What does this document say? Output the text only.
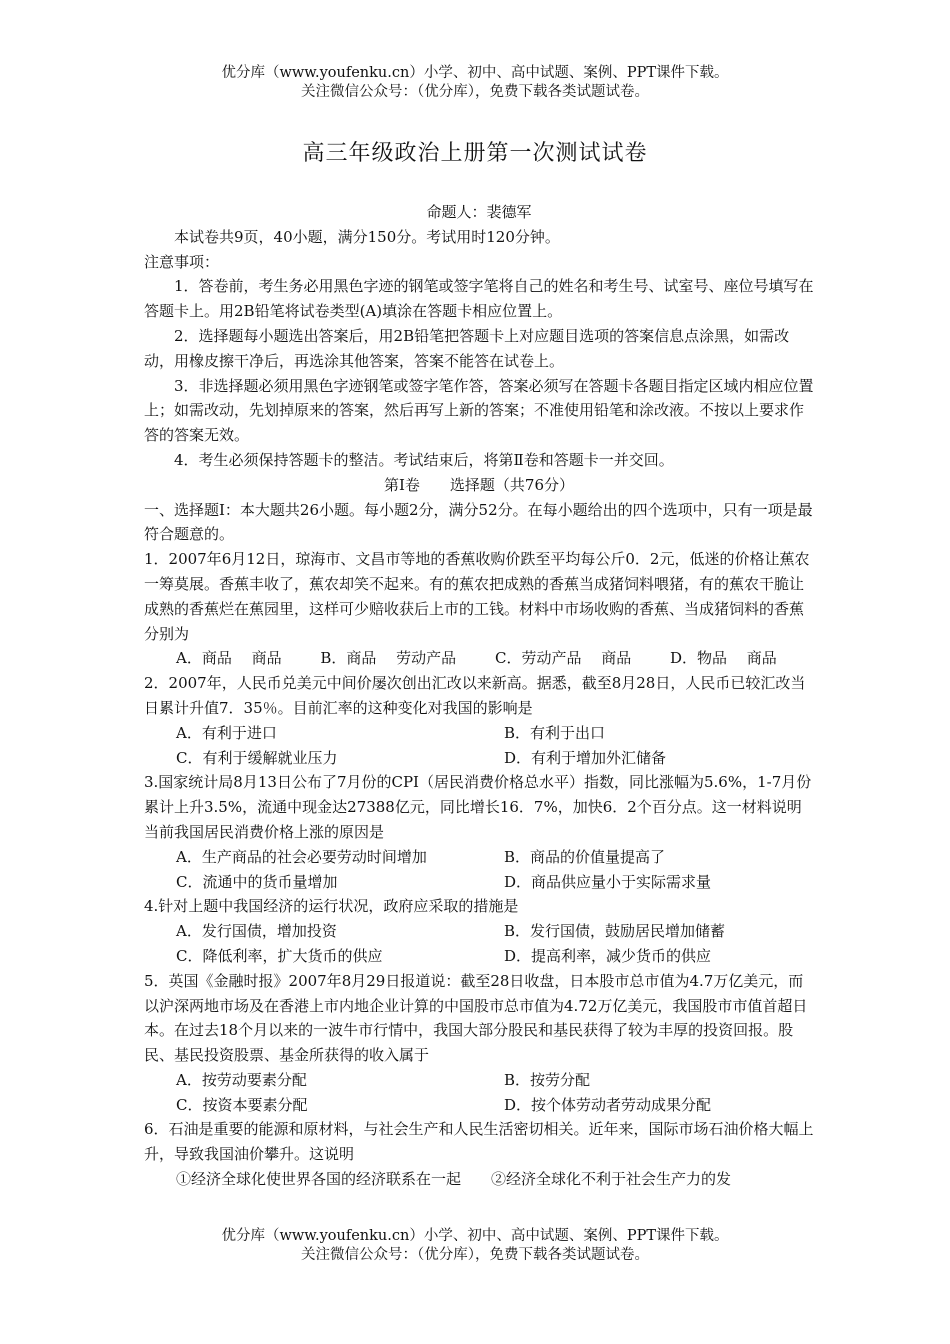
优分库（www.youfenku.cn）小学、初中、高中试题、案例、PPT课件下载。
关注微信公众号：（优分库），免费下载各类试题试卷。
高三年级政治上册第一次测试试卷

命题人：裴德军

本试卷共9页，40小题，满分150分。考试用时120分钟。

注意事项：

1．答卷前，考生务必用黑色字迹的钢笔或签字笔将自己的姓名和考生号、试室号、座位号填写在答题卡上。用2B铅笔将试卷类型(A)填涂在答题卡相应位置上。

2．选择题每小题选出答案后，用2B铅笔把答题卡上对应题目选项的答案信息点涂黑，如需改动，用橡皮擦干净后，再选涂其他答案，答案不能答在试卷上。

3．非选择题必须用黑色字迹钢笔或签字笔作答，答案必须写在答题卡各题目指定区域内相应位置上；如需改动，先划掉原来的答案，然后再写上新的答案；不准使用铅笔和涂改液。不按以上要求作答的答案无效。

4．考生必须保持答题卡的整洁。考试结束后，将第Ⅱ卷和答题卡一并交回。

第Ⅰ卷　　选择题（共76分）

一、选择题Ⅰ：本大题共26小题。每小题2分，满分52分。在每小题给出的四个选项中，只有一项是最符合题意的。

1．2007年6月12日，琼海市、文昌市等地的香蕉收购价跌至平均每公斤0．2元，低迷的价格让蕉农一筹莫展。香蕉丰收了，蕉农却笑不起来。有的蕉农把成熟的香蕉当成猪饲料喂猪，有的蕉农干脆让成熟的香蕉烂在蕉园里，这样可少赔收获后上市的工钱。材料中市场收购的香蕉、当成猪饲料的香蕉分别为

A．商品　 商品	B．商品　 劳动产品	C．劳动产品　 商品	D．物品　 商品

2．2007年，人民币兑美元中间价屡次创出汇改以来新高。据悉，截至8月28日，人民币已较汇改当日累计升值7．35％。目前汇率的这种变化对我国的影响是

A．有利于进口	B．有利于出口
C．有利于缓解就业压力	D．有利于增加外汇储备

3.国家统计局8月13日公布了7月份的CPI（居民消费价格总水平）指数，同比涨幅为5.6%，1-7月份累计上升3.5%，流通中现金达27388亿元，同比增长16．7%，加快6．2个百分点。这一材料说明当前我国居民消费价格上涨的原因是

A．生产商品的社会必要劳动时间增加	B．商品的价值量提高了
C．流通中的货币量增加	D．商品供应量小于实际需求量

4.针对上题中我国经济的运行状况，政府应采取的措施是

A．发行国债，增加投资	B．发行国债，鼓励居民增加储蓄
C．降低利率，扩大货币的供应	D．提高利率，减少货币的供应

5．英国《金融时报》2007年8月29日报道说：截至28日收盘，日本股市总市值为4.7万亿美元，而以沪深两地市场及在香港上市内地企业计算的中国股市总市值为4.72万亿美元，我国股市市值首超日本。在过去18个月以来的一波牛市行情中，我国大部分股民和基民获得了较为丰厚的投资回报。股民、基民投资股票、基金所获得的收入属于

A．按劳动要素分配	B．按劳分配
C．按资本要素分配	D．按个体劳动者劳动成果分配

6．石油是重要的能源和原材料，与社会生产和人民生活密切相关。近年来，国际市场石油价格大幅上升，导致我国油价攀升。这说明

①经济全球化使世界各国的经济联系在一起　　②经济全球化不利于社会生产力的发

优分库（www.youfenku.cn）小学、初中、高中试题、案例、PPT课件下载。
关注微信公众号：（优分库），免费下载各类试题试卷。
